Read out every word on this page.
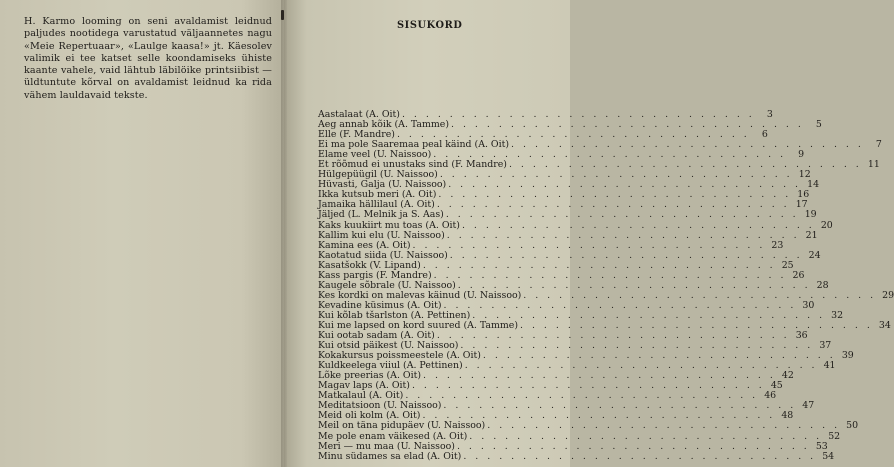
H. Karmo looming on seni avaldamist leidnud paljudes nootidega varustatud väljaannetes nagu «Meie Repertuaar», «Laulge kaasa!» jt. Käesolev valimik ei tee katset selle koondamiseks ühiste kaante vahele, vaid lähtub läbilöike printsiibist — üldtuntute kõrval on avaldamist leidnud ka rida vähem lauldavaid tekste.

SISUKORD
Aastalaat (A. Oit) . . . . . . . . . . . . . . . . . . . . . . . . . . . . . .	3
Aeg annab kõik (A. Tamme) . . . . . . . . . . . . . . . . . . . . . . . . . . . . . .	5
Elle (F. Mandre) . . . . . . . . . . . . . . . . . . . . . . . . . . . . . .	6
Ei ma pole Saaremaa peal käind (A. Oit) . . . . . . . . . . . . . . . . . . . . . . . . . . . . . .	7
Elame veel (U. Naissoo) . . . . . . . . . . . . . . . . . . . . . . . . . . . . . .	9
Et rõõmud ei unustaks sind (F. Mandre) . . . . . . . . . . . . . . . . . . . . . . . . . . . . . . 11
Hülgepüügil (U. Naissoo) . . . . . . . . . . . . . . . . . . . . . . . . . . . . . . 12
Hüvasti, Galja (U. Naissoo) . . . . . . . . . . . . . . . . . . . . . . . . . . . . . . 14
Ikka kutsub meri (A. Oit) . . . . . . . . . . . . . . . . . . . . . . . . . . . . . . 16
Jamaika hällilaul (A. Oit) . . . . . . . . . . . . . . . . . . . . . . . . . . . . . . 17
Jäljed (L. Melnik ja S. Aas) . . . . . . . . . . . . . . . . . . . . . . . . . . . . . . 19
Kaks kuukiirt mu toas (A. Oit) . . . . . . . . . . . . . . . . . . . . . . . . . . . . . . 20
Kallim kui elu (U. Naissoo) . . . . . . . . . . . . . . . . . . . . . . . . . . . . . . 21
Kamina ees (A. Oit) . . . . . . . . . . . . . . . . . . . . . . . . . . . . . . 23
Kaotatud siida (U. Naissoo) . . . . . . . . . . . . . . . . . . . . . . . . . . . . . . 24
Kasatšokk (V. Lipand) . . . . . . . . . . . . . . . . . . . . . . . . . . . . . . 25
Kass pargis (F. Mandre) . . . . . . . . . . . . . . . . . . . . . . . . . . . . . . 26
Kaugele sõbrale (U. Naissoo) . . . . . . . . . . . . . . . . . . . . . . . . . . . . . . 28
Kes kordki on malevas käinud (U. Naissoo) . . . . . . . . . . . . . . . . . . . . . . . . . . . . . . 29
Kevadine küsimus (A. Oit) . . . . . . . . . . . . . . . . . . . . . . . . . . . . . . 30
Kui kõlab tšarlston (A. Pettinen) . . . . . . . . . . . . . . . . . . . . . . . . . . . . . . 32
Kui me lapsed on kord suured (A. Tamme) . . . . . . . . . . . . . . . . . . . . . . . . . . . . . . 34
Kui ootab sadam (A. Oit) . . . . . . . . . . . . . . . . . . . . . . . . . . . . . . 36
Kui otsid päikest (U. Naissoo) . . . . . . . . . . . . . . . . . . . . . . . . . . . . . . 37
Kokakursus poissmeestele (A. Oit) . . . . . . . . . . . . . . . . . . . . . . . . . . . . . . 39
Kuldkeelega viiul (A. Pettinen) . . . . . . . . . . . . . . . . . . . . . . . . . . . . . . 41
Lõke preerias (A. Oit) . . . . . . . . . . . . . . . . . . . . . . . . . . . . . . 42
Magav laps (A. Oit) . . . . . . . . . . . . . . . . . . . . . . . . . . . . . . 45
Matkalaul (A. Oit) . . . . . . . . . . . . . . . . . . . . . . . . . . . . . . 46
Meditatsioon (U. Naissoo) . . . . . . . . . . . . . . . . . . . . . . . . . . . . . . 47
Meid oli kolm (A. Oit) . . . . . . . . . . . . . . . . . . . . . . . . . . . . . . 48
Meil on täna pidupäev (U. Naissoo) . . . . . . . . . . . . . . . . . . . . . . . . . . . . . . 50
Me pole enam väikesed (A. Oit) . . . . . . . . . . . . . . . . . . . . . . . . . . . . . . 52
Meri — mu maa (U. Naissoo) . . . . . . . . . . . . . . . . . . . . . . . . . . . . . . 53
Minu südames sa elad (A. Oit) . . . . . . . . . . . . . . . . . . . . . . . . . . . . . . 54
